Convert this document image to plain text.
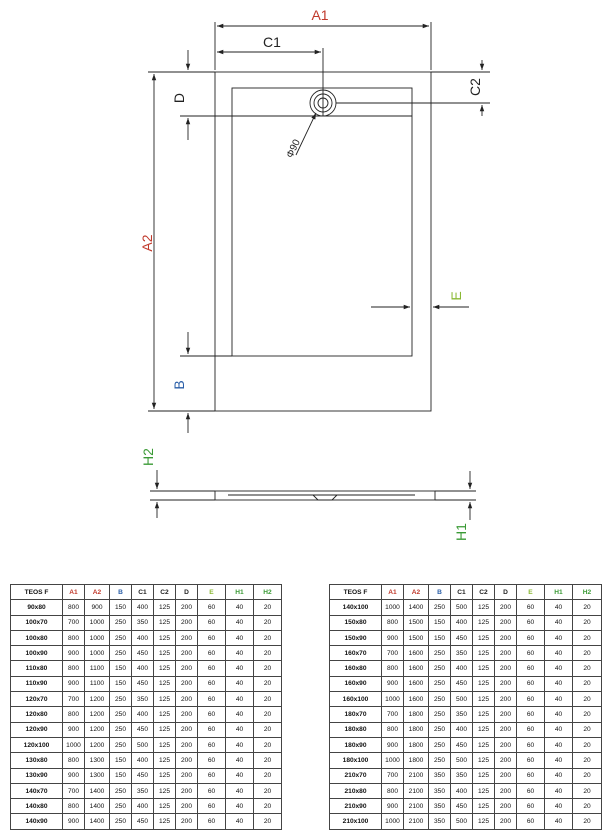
A1
C1
C2
D
A2
B
E
H2
H1
Φ90
TEOS F	A1	A2	B	C1	C2	D	E	H1	H2
90x80	800	900	150	400	125	200	60	40	20
100x70	700	1000	250	350	125	200	60	40	20
100x80	800	1000	250	400	125	200	60	40	20
100x90	900	1000	250	450	125	200	60	40	20
110x80	800	1100	150	400	125	200	60	40	20
110x90	900	1100	150	450	125	200	60	40	20
120x70	700	1200	250	350	125	200	60	40	20
120x80	800	1200	250	400	125	200	60	40	20
120x90	900	1200	250	450	125	200	60	40	20
120x100	1000	1200	250	500	125	200	60	40	20
130x80	800	1300	150	400	125	200	60	40	20
130x90	900	1300	150	450	125	200	60	40	20
140x70	700	1400	250	350	125	200	60	40	20
140x80	800	1400	250	400	125	200	60	40	20
140x90	900	1400	250	450	125	200	60	40	20
TEOS F	A1	A2	B	C1	C2	D	E	H1	H2
140x100	1000	1400	250	500	125	200	60	40	20
150x80	800	1500	150	400	125	200	60	40	20
150x90	900	1500	150	450	125	200	60	40	20
160x70	700	1600	250	350	125	200	60	40	20
160x80	800	1600	250	400	125	200	60	40	20
160x90	900	1600	250	450	125	200	60	40	20
160x100	1000	1600	250	500	125	200	60	40	20
180x70	700	1800	250	350	125	200	60	40	20
180x80	800	1800	250	400	125	200	60	40	20
180x90	900	1800	250	450	125	200	60	40	20
180x100	1000	1800	250	500	125	200	60	40	20
210x70	700	2100	350	350	125	200	60	40	20
210x80	800	2100	350	400	125	200	60	40	20
210x90	900	2100	350	450	125	200	60	40	20
210x100	1000	2100	350	500	125	200	60	40	20
